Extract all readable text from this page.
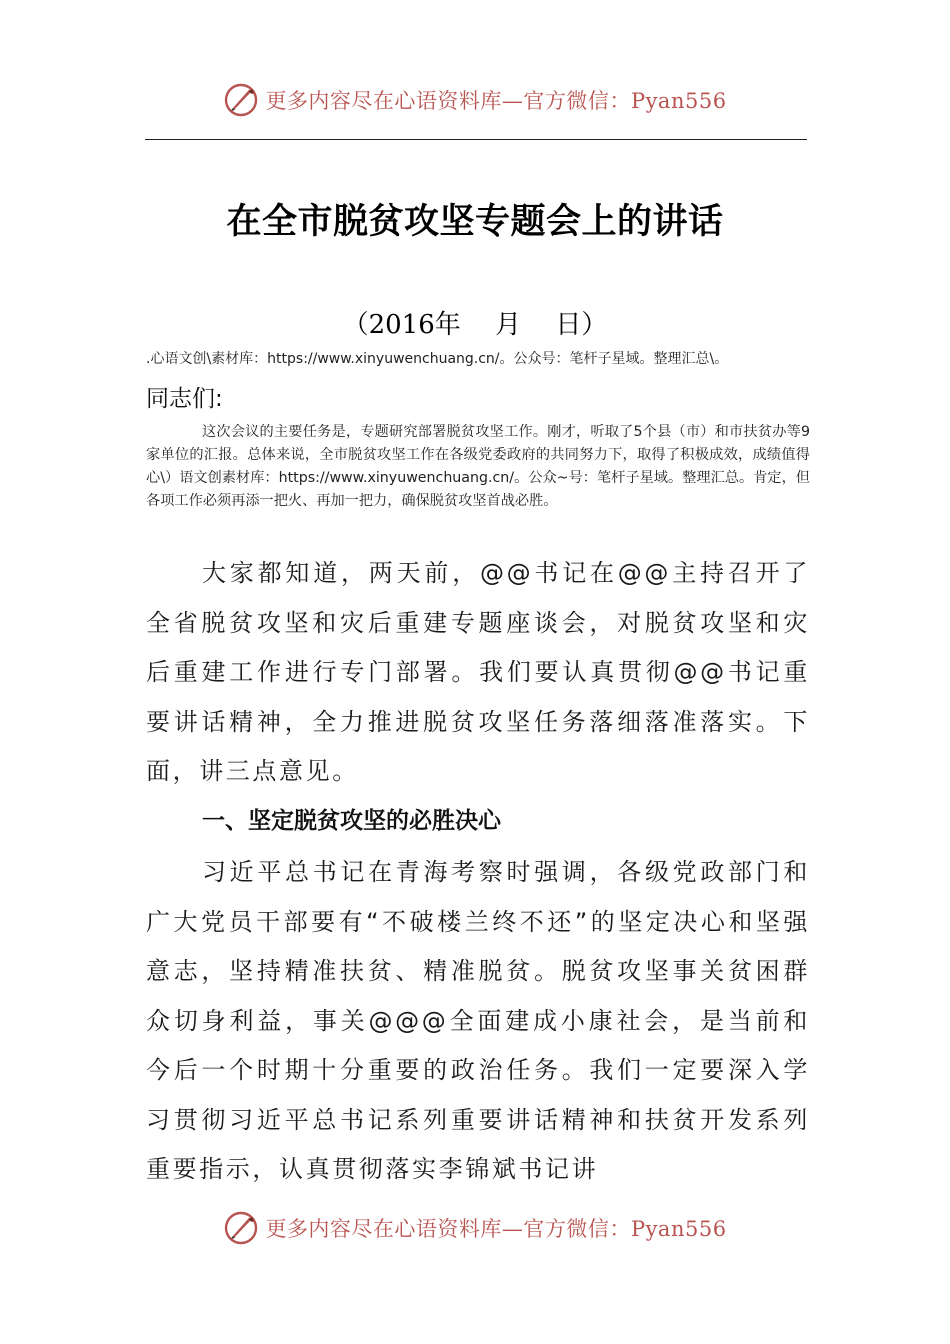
更多内容尽在心语资料库—官方微信：Pyan556
在全市脱贫攻坚专题会上的讲话
（2016年　 月　 日）
.心语文创\素材库：https://www.xinyuwenchuang.cn/。公众号：笔杆子星域。整理汇总\。
同志们:
这次会议的主要任务是，专题研究部署脱贫攻坚工作。刚才，听取了5个县（市）和市扶贫办等9家单位的汇报。总体来说，全市脱贫攻坚工作在各级党委政府的共同努力下，取得了积极成效，成绩值得心\）语文创素材库：https://www.xinyuwenchuang.cn/。公众~号：笔杆子星域。整理汇总。肯定，但各项工作必须再添一把火、再加一把力，确保脱贫攻坚首战必胜。
大家都知道，两天前，@@书记在@@主持召开了全省脱贫攻坚和灾后重建专题座谈会，对脱贫攻坚和灾后重建工作进行专门部署。我们要认真贯彻@@书记重要讲话精神，全力推进脱贫攻坚任务落细落准落实。下面，讲三点意见。
一、坚定脱贫攻坚的必胜决心
习近平总书记在青海考察时强调，各级党政部门和广大党员干部要有“不破楼兰终不还”的坚定决心和坚强意志，坚持精准扶贫、精准脱贫。脱贫攻坚事关贫困群众切身利益，事关@@@全面建成小康社会，是当前和今后一个时期十分重要的政治任务。我们一定要深入学习贯彻习近平总书记系列重要讲话精神和扶贫开发系列重要指示，认真贯彻落实李锦斌书记讲
更多内容尽在心语资料库—官方微信：Pyan556
